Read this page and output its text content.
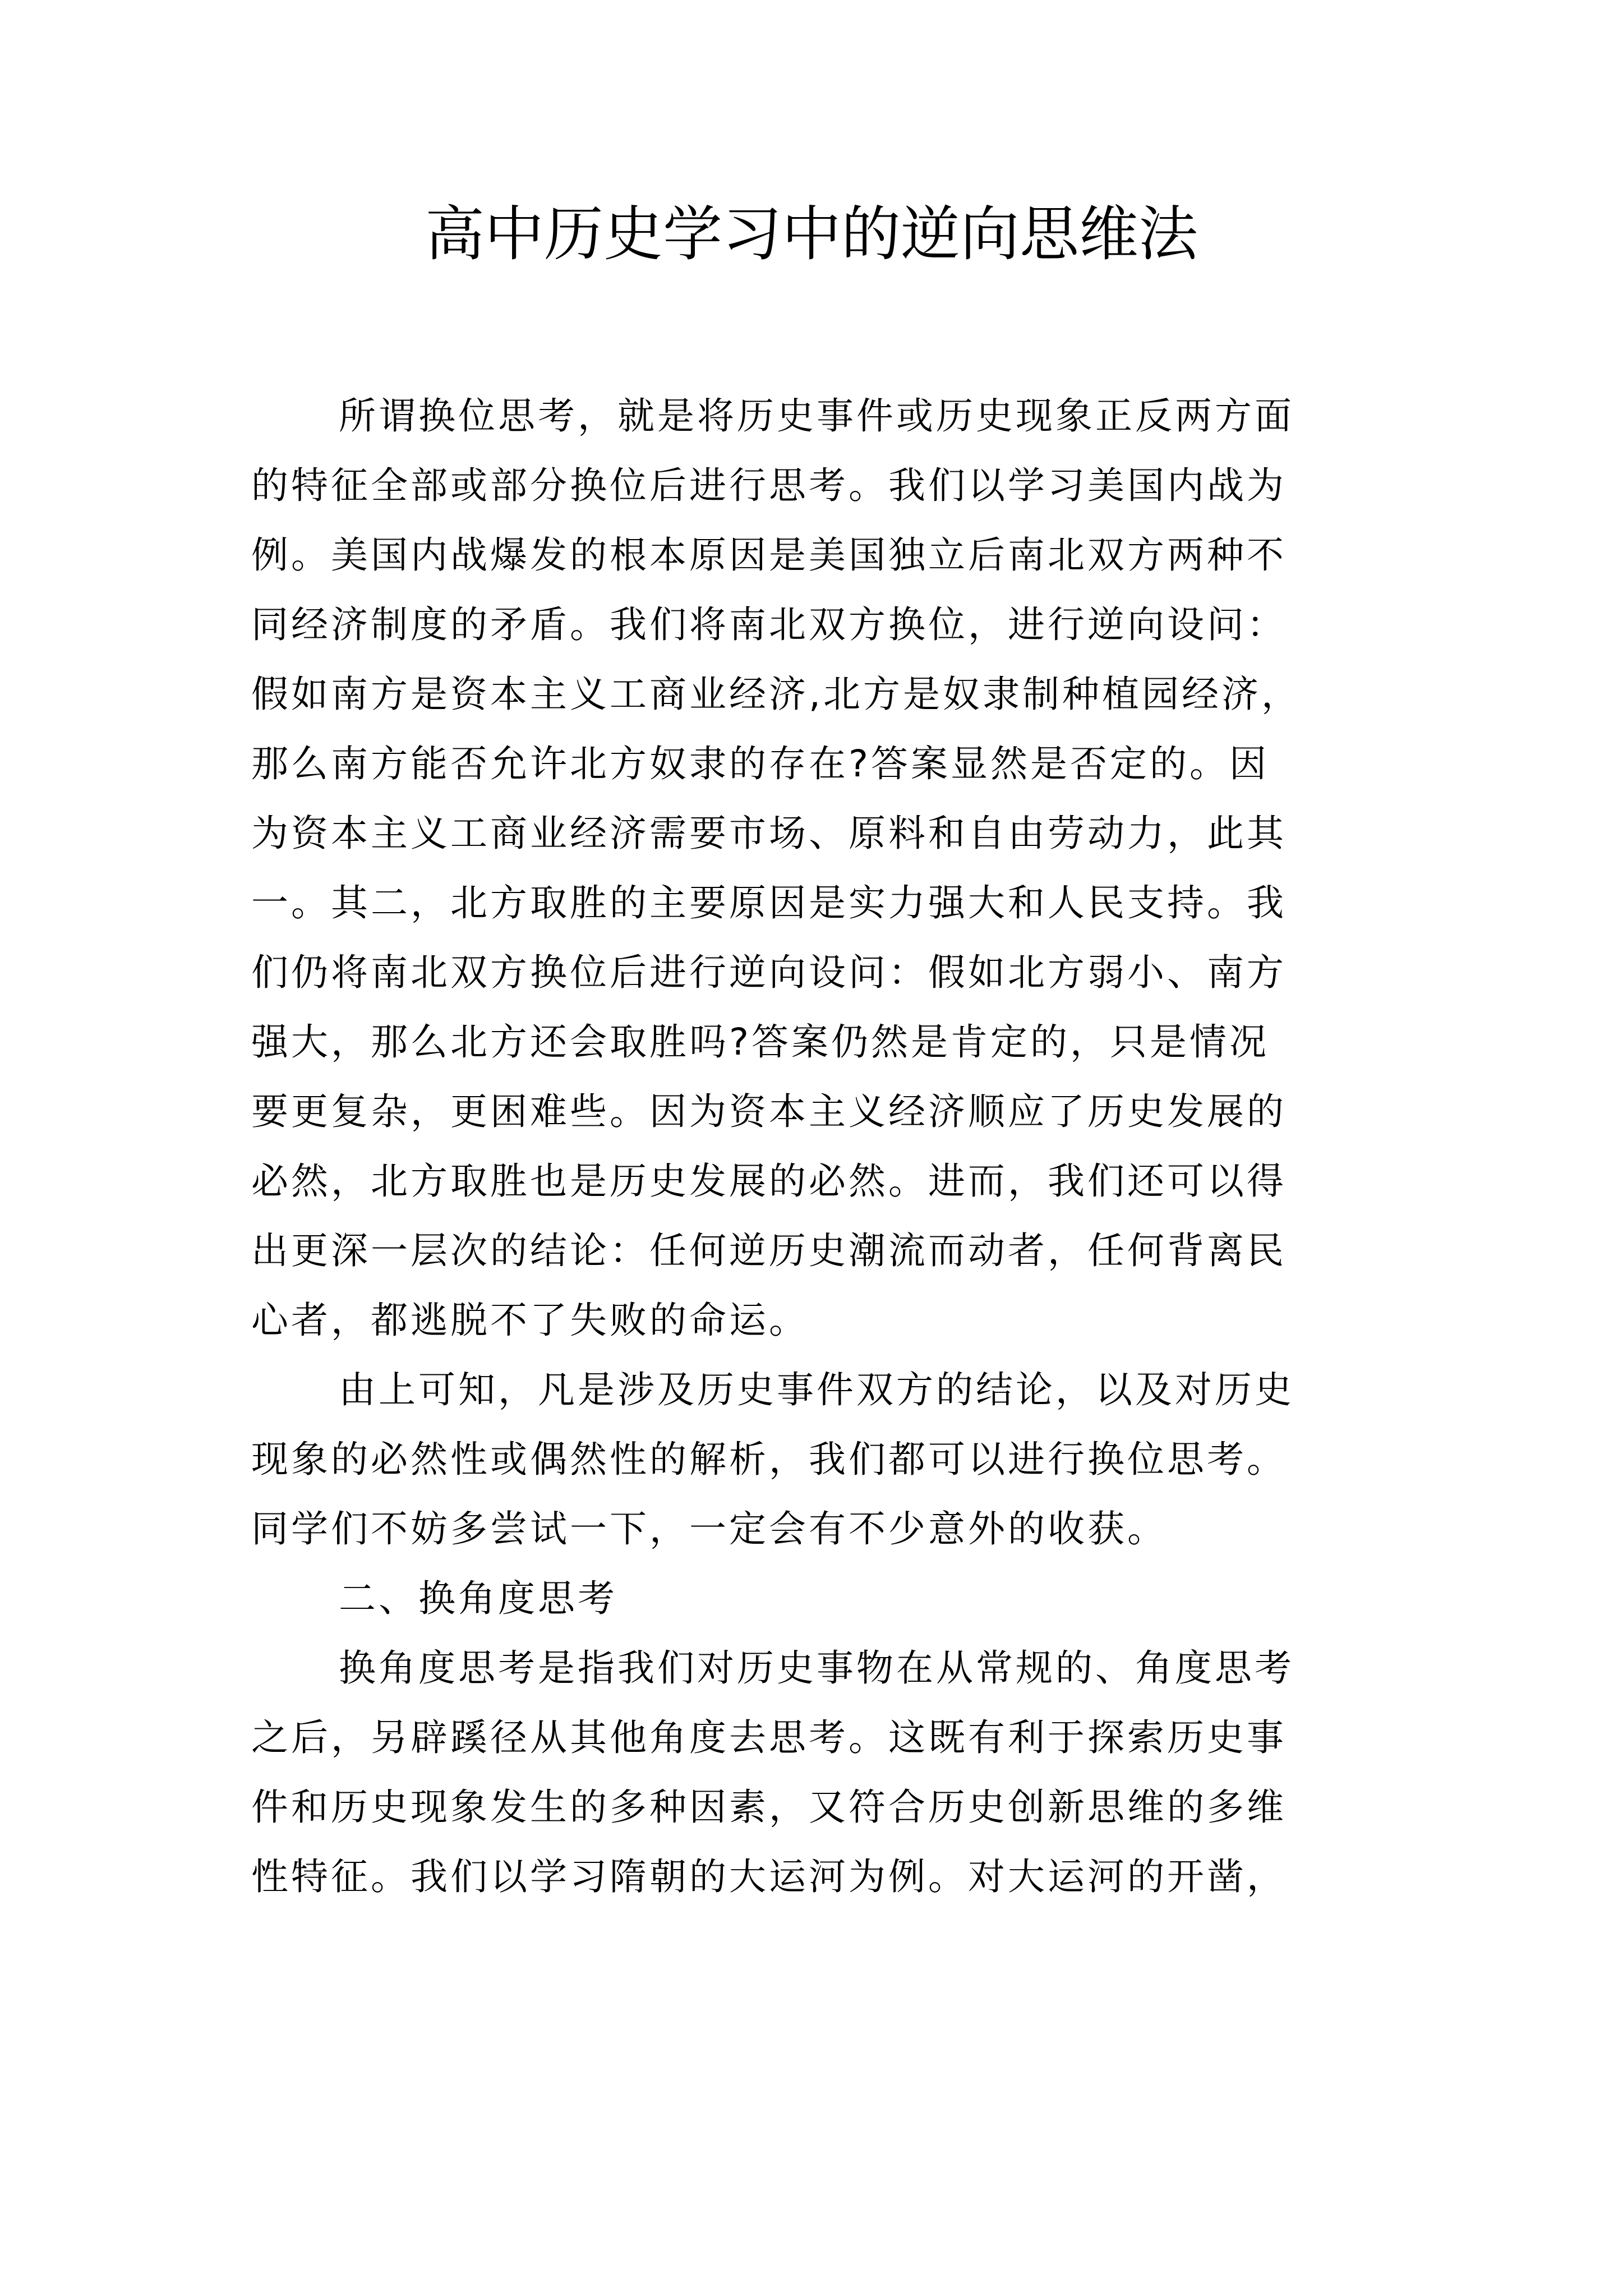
高中历史学习中的逆向思维法
所谓换位思考，就是将历史事件或历史现象正反两方面
的特征全部或部分换位后进行思考。我们以学习美国内战为
例。美国内战爆发的根本原因是美国独立后南北双方两种不
同经济制度的矛盾。我们将南北双方换位，进行逆向设问：
假如南方是资本主义工商业经济,北方是奴隶制种植园经济，
那么南方能否允许北方奴隶的存在?答案显然是否定的。因
为资本主义工商业经济需要市场、原料和自由劳动力，此其
一。其二，北方取胜的主要原因是实力强大和人民支持。我
们仍将南北双方换位后进行逆向设问：假如北方弱小、南方
强大，那么北方还会取胜吗?答案仍然是肯定的，只是情况
要更复杂，更困难些。因为资本主义经济顺应了历史发展的
必然，北方取胜也是历史发展的必然。进而，我们还可以得
出更深一层次的结论：任何逆历史潮流而动者，任何背离民
心者，都逃脱不了失败的命运。
由上可知，凡是涉及历史事件双方的结论，以及对历史
现象的必然性或偶然性的解析，我们都可以进行换位思考。
同学们不妨多尝试一下，一定会有不少意外的收获。
二、换角度思考
换角度思考是指我们对历史事物在从常规的、角度思考
之后，另辟蹊径从其他角度去思考。这既有利于探索历史事
件和历史现象发生的多种因素，又符合历史创新思维的多维
性特征。我们以学习隋朝的大运河为例。对大运河的开凿，
